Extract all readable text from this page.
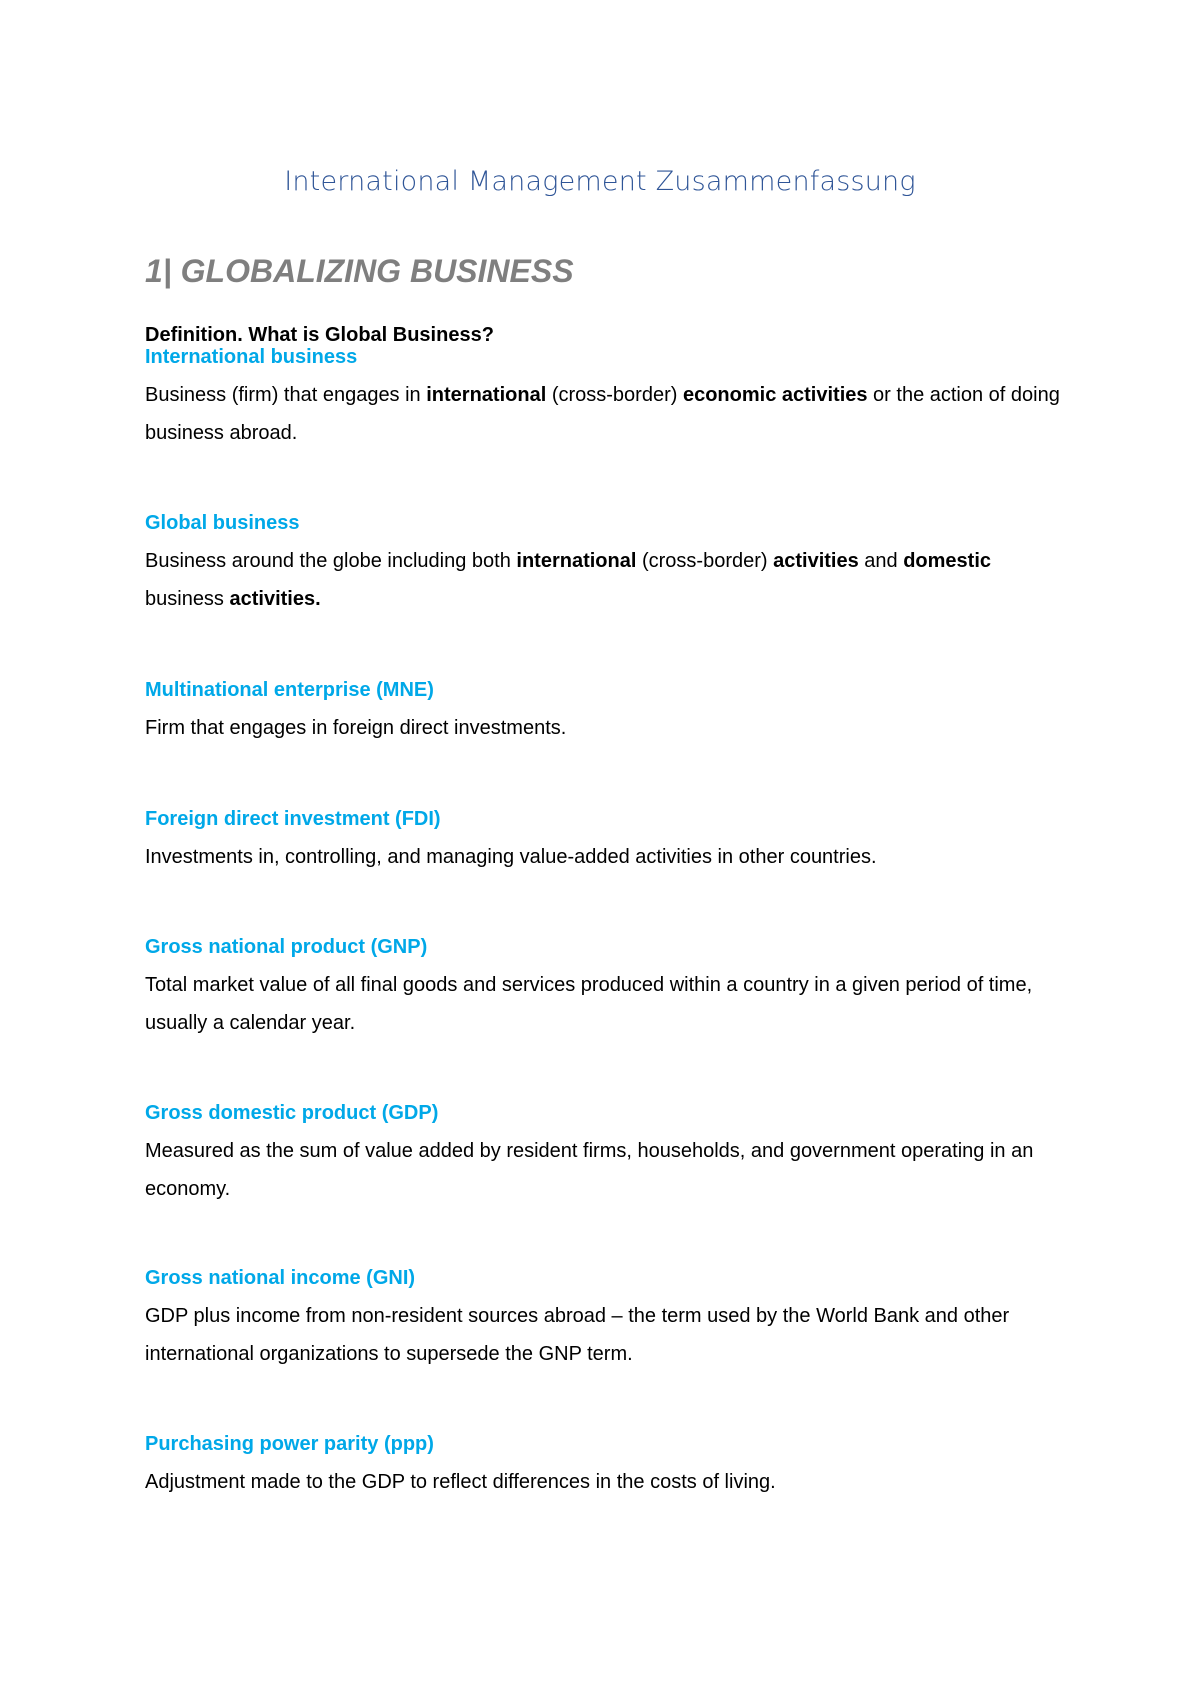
International Management Zusammenfassung
1| GLOBALIZING BUSINESS

Definition. What is Global Business?

International business

Business (firm) that engages in international (cross-border) economic activities or the action of doing business abroad.

Global business

Business around the globe including both international (cross-border) activities and domestic business activities.

Multinational enterprise (MNE)

Firm that engages in foreign direct investments.

Foreign direct investment (FDI)

Investments in, controlling, and managing value-added activities in other countries.

Gross national product (GNP)

Total market value of all final goods and services produced within a country in a given period of time, usually a calendar year.

Gross domestic product (GDP)

Measured as the sum of value added by resident firms, households, and government operating in an economy.

Gross national income (GNI)

GDP plus income from non-resident sources abroad – the term used by the World Bank and other international organizations to supersede the GNP term.

Purchasing power parity (ppp)

Adjustment made to the GDP to reflect differences in the costs of living.
